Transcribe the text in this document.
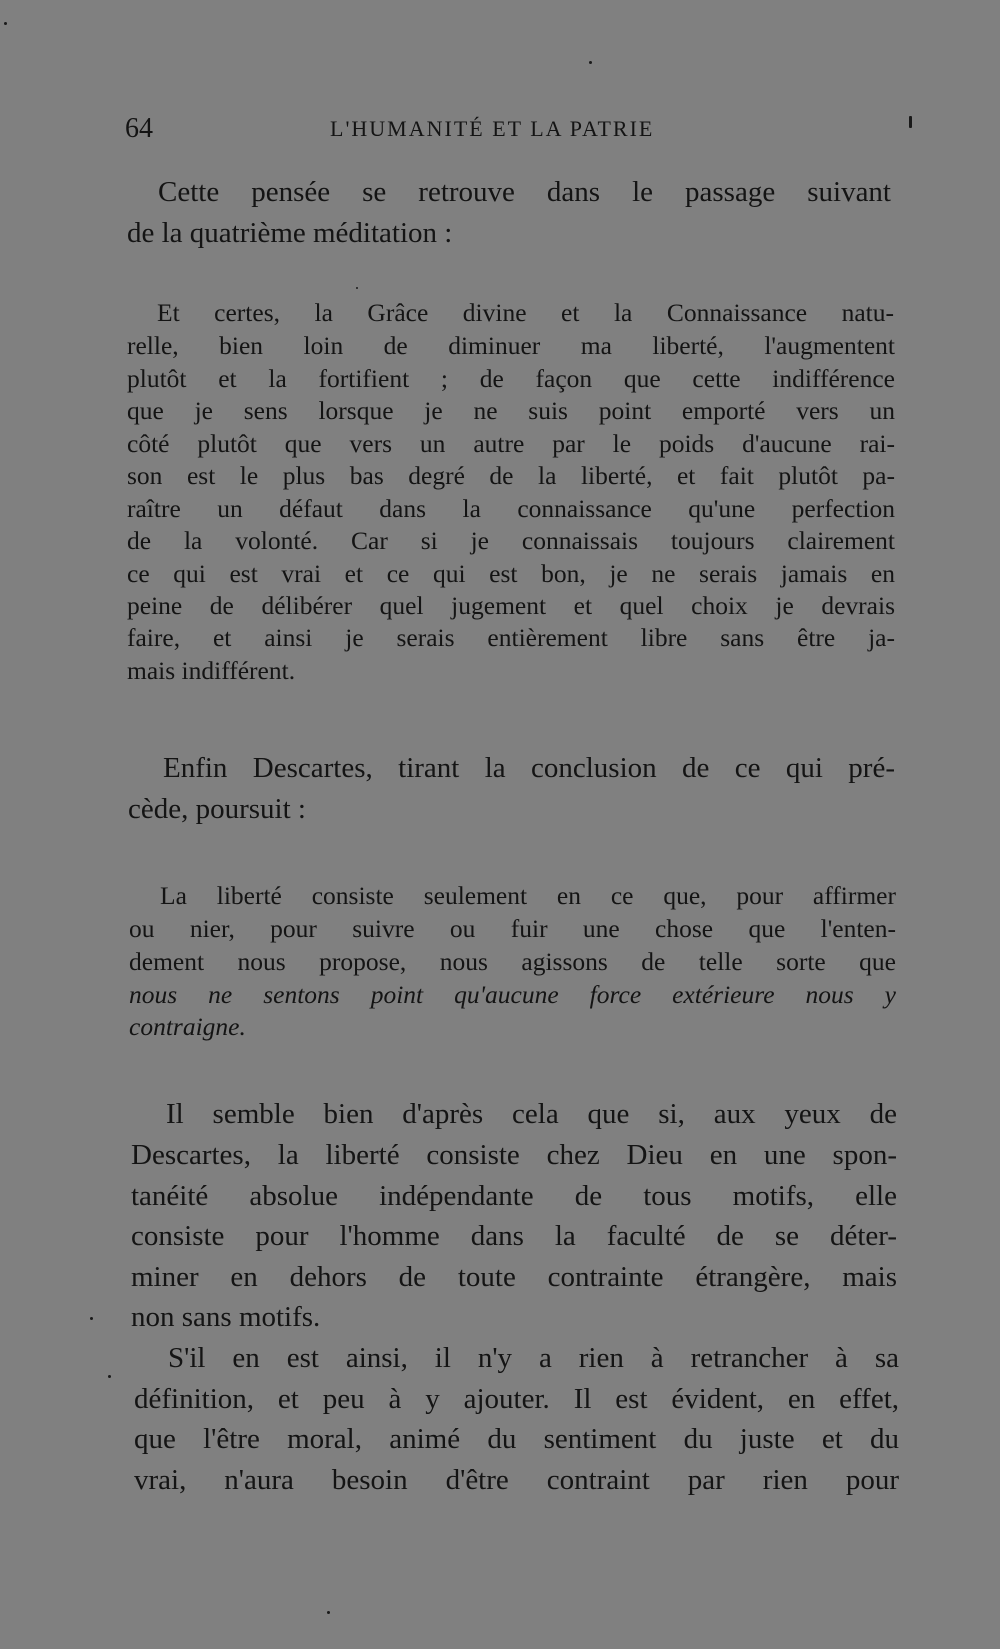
64	L'HUMANITÉ ET LA PATRIE
Cette pensée se retrouve dans le passage suivant
de la quatrième méditation :
Et certes, la Grâce divine et la Connaissance natu-
relle, bien loin de diminuer ma liberté, l'augmentent
plutôt et la fortifient ; de façon que cette indifférence
que je sens lorsque je ne suis point emporté vers un
côté plutôt que vers un autre par le poids d'aucune rai-
son est le plus bas degré de la liberté, et fait plutôt pa-
raître un défaut dans la connaissance qu'une perfection
de la volonté. Car si je connaissais toujours clairement
ce qui est vrai et ce qui est bon, je ne serais jamais en
peine de délibérer quel jugement et quel choix je devrais
faire, et ainsi je serais entièrement libre sans être ja-
mais indifférent.
Enfin Descartes, tirant la conclusion de ce qui pré-
cède, poursuit :
La liberté consiste seulement en ce que, pour affirmer
ou nier, pour suivre ou fuir une chose que l'enten-
dement nous propose, nous agissons de telle sorte que
nous ne sentons point qu'aucune force extérieure nous y
contraigne.
Il semble bien d'après cela que si, aux yeux de
Descartes, la liberté consiste chez Dieu en une spon-
tanéité absolue indépendante de tous motifs, elle
consiste pour l'homme dans la faculté de se déter-
miner en dehors de toute contrainte étrangère, mais
non sans motifs.
S'il en est ainsi, il n'y a rien à retrancher à sa
définition, et peu à y ajouter. Il est évident, en effet,
que l'être moral, animé du sentiment du juste et du
vrai, n'aura besoin d'être contraint par rien pour
